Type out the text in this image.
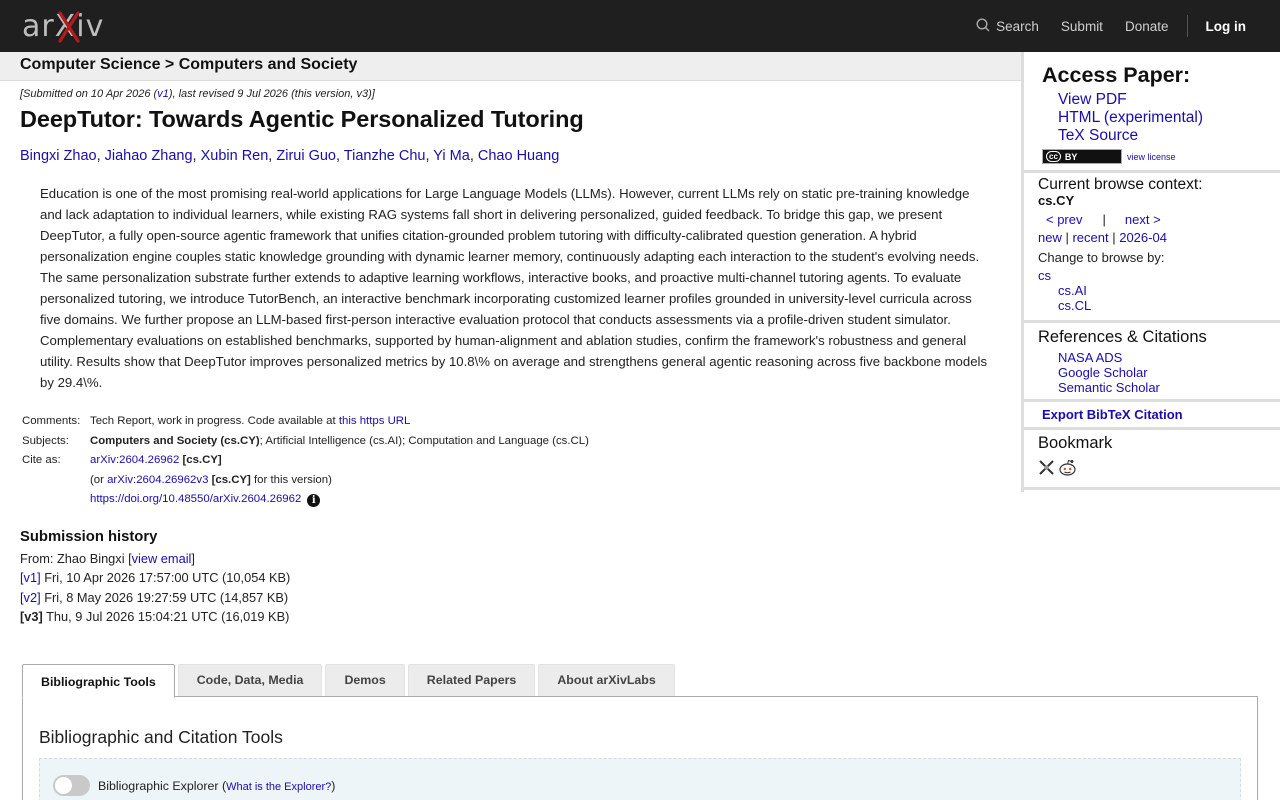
arXiv	Search Submit Donate	Log in
Computer Science > Computers and Society
[Submitted on 10 Apr 2026 (v1), last revised 9 Jul 2026 (this version, v3)]
DeepTutor: Towards Agentic Personalized Tutoring
Bingxi Zhao, Jiahao Zhang, Xubin Ren, Zirui Guo, Tianzhe Chu, Yi Ma, Chao Huang
Education is one of the most promising real-world applications for Large Language Models (LLMs). However, current LLMs rely on static pre-training knowledge and lack adaptation to individual learners, while existing RAG systems fall short in delivering personalized, guided feedback. To bridge this gap, we present DeepTutor, a fully open-source agentic framework that unifies citation-grounded problem tutoring with difficulty-calibrated question generation. A hybrid personalization engine couples static knowledge grounding with dynamic learner memory, continuously adapting each interaction to the student's evolving needs. The same personalization substrate further extends to adaptive learning workflows, interactive books, and proactive multi-channel tutoring agents. To evaluate personalized tutoring, we introduce TutorBench, an interactive benchmark incorporating customized learner profiles grounded in university-level curricula across five domains. We further propose an LLM-based first-person interactive evaluation protocol that conducts assessments via a profile-driven student simulator. Complementary evaluations on established benchmarks, supported by human-alignment and ablation studies, confirm the framework's robustness and general utility. Results show that DeepTutor improves personalized metrics by 10.8\% on average and strengthens general agentic reasoning across five backbone models by 29.4\%.
Comments:	Tech Report, work in progress. Code available at this https URL
Subjects:	Computers and Society (cs.CY); Artificial Intelligence (cs.AI); Computation and Language (cs.CL)
Cite as:	arXiv:2604.26962 [cs.CY]
	(or arXiv:2604.26962v3 [cs.CY] for this version)
	https://doi.org/10.48550/arXiv.2604.26962 i
Submission history
From: Zhao Bingxi [view email]
[v1] Fri, 10 Apr 2026 17:57:00 UTC (10,054 KB)
[v2] Fri, 8 May 2026 19:27:59 UTC (14,857 KB)
[v3] Thu, 9 Jul 2026 15:04:21 UTC (16,019 KB)
Bibliographic and Citation Tools
Bibliographic Explorer (What is the Explorer?)
Bibliographic Tools	Code, Data, Media	Demos	Related Papers	About arXivLabs
Access Paper:
View PDF
HTML (experimental)
TeX Source
cc BY	view license
Current browse context:
cs.CY
< prev | next >
new | recent | 2026-04
Change to browse by:
cs
cs.AI
cs.CL
References & Citations
NASA ADS
Google Scholar
Semantic Scholar
Export BibTeX Citation
Bookmark
